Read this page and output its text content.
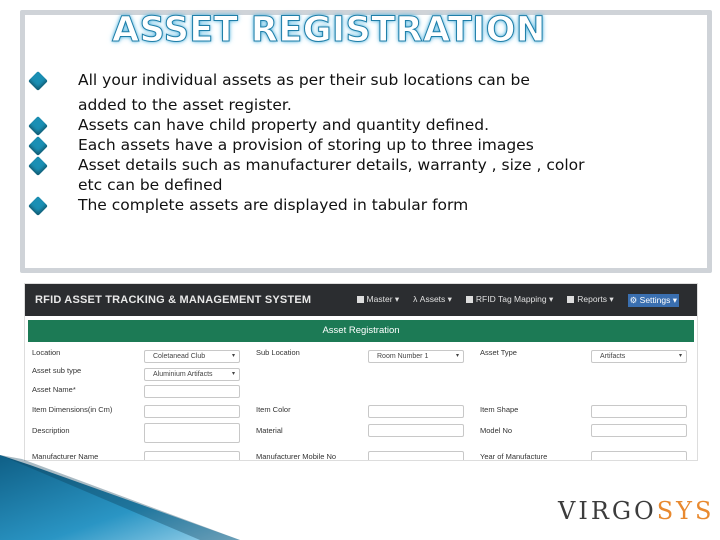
ASSET REGISTRATION
All your individual assets as per their sub locations can be
added to the asset register.
Assets can have child property and quantity defined.
Each assets have a provision of storing up to three images
Asset details such as manufacturer details, warranty , size , color
etc can be defined
The complete assets are displayed in tabular form
RFID ASSET TRACKING & MANAGEMENT SYSTEM	Master ▾ λ Assets ▾	RFID Tag Mapping ▾	Reports ▾ ⚙ Settings ▾
Asset Registration
Location	Coletanead Club	▾	Sub Location	Room Number 1	▾	Asset Type	Artifacts	▾
Asset sub type	Aluminium Artifacts	▾
Asset Name*
Item Dimensions(in Cm)	Item Color	Item Shape
Description	Material	Model No
Manufacturer Name	Manufacturer Mobile No	Year of Manufacture
VIRGOSYS
